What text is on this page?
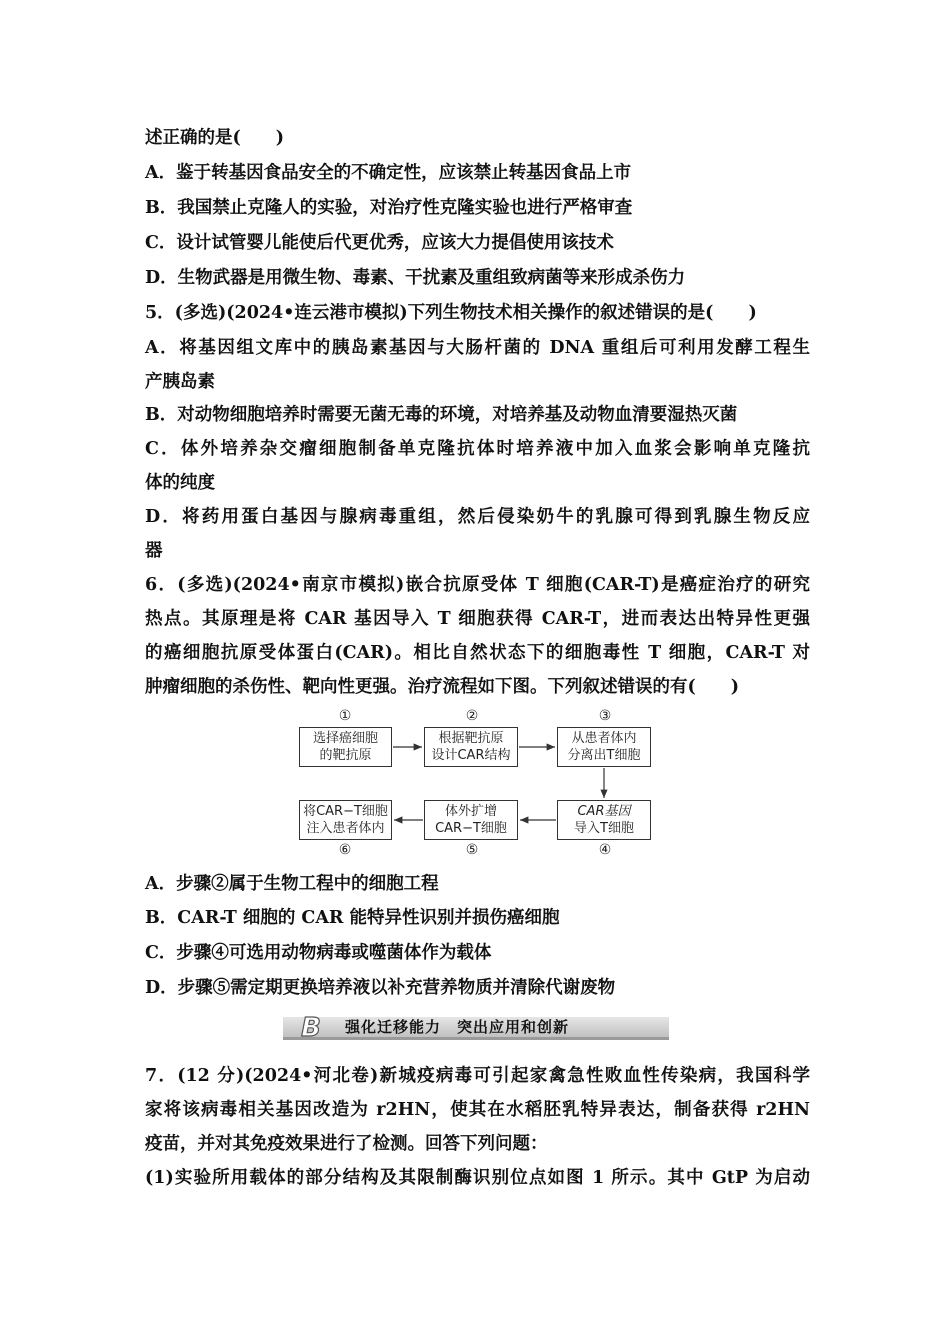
述正确的是(　　)
A．鉴于转基因食品安全的不确定性，应该禁止转基因食品上市
B．我国禁止克隆人的实验，对治疗性克隆实验也进行严格审查
C．设计试管婴儿能使后代更优秀，应该大力提倡使用该技术
D．生物武器是用微生物、毒素、干扰素及重组致病菌等来形成杀伤力
5．(多选)(2024•连云港市模拟)下列生物技术相关操作的叙述错误的是(　　)
A．将基因组文库中的胰岛素基因与大肠杆菌的 DNA 重组后可利用发酵工程生
产胰岛素
B．对动物细胞培养时需要无菌无毒的环境，对培养基及动物血清要湿热灭菌
C．体外培养杂交瘤细胞制备单克隆抗体时培养液中加入血浆会影响单克隆抗
体的纯度
D．将药用蛋白基因与腺病毒重组，然后侵染奶牛的乳腺可得到乳腺生物反应
器
6．(多选)(2024•南京市模拟)嵌合抗原受体 T 细胞(CAR-T)是癌症治疗的研究
热点。其原理是将 CAR 基因导入 T 细胞获得 CAR-T，进而表达出特异性更强
的癌细胞抗原受体蛋白(CAR)。相比自然状态下的细胞毒性 T 细胞，CAR-T 对
肿瘤细胞的杀伤性、靶向性更强。治疗流程如下图。下列叙述错误的有(　　)
①	②	③
选择癌细胞
的靶抗原
根据靶抗原
设计CAR结构
从患者体内
分离出T细胞
将CAR−T细胞
注入患者体内
体外扩增
CAR−T细胞
CAR基因
导入T细胞
⑥	⑤	④
A．步骤②属于生物工程中的细胞工程
B．CAR-T 细胞的 CAR 能特异性识别并损伤癌细胞
C．步骤④可选用动物病毒或噬菌体作为载体
D．步骤⑤需定期更换培养液以补充营养物质并清除代谢废物
B 强化迁移能力　突出应用和创新
7．(12 分)(2024•河北卷)新城疫病毒可引起家禽急性败血性传染病，我国科学
家将该病毒相关基因改造为 r2HN，使其在水稻胚乳特异表达，制备获得 r2HN
疫苗，并对其免疫效果进行了检测。回答下列问题：
(1)实验所用载体的部分结构及其限制酶识别位点如图 1 所示。其中 GtP 为启动
